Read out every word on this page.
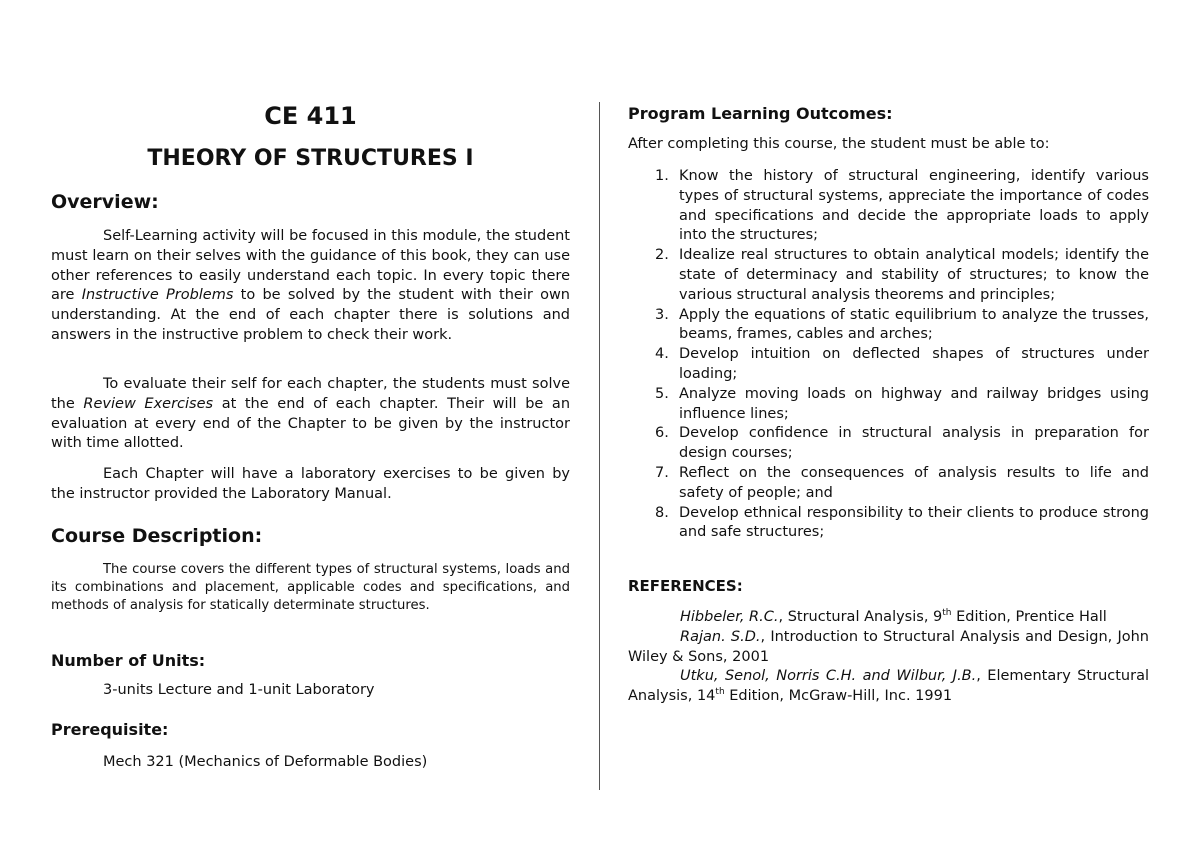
CE 411
THEORY OF STRUCTURES I
Overview:

Self-Learning activity will be focused in this module, the student must learn on their selves with the guidance of this book, they can use other references to easily understand each topic. In every topic there are Instructive Problems to be solved by the student with their own understanding. At the end of each chapter there is solutions and answers in the instructive problem to check their work.

To evaluate their self for each chapter, the students must solve the Review Exercises at the end of each chapter. Their will be an evaluation at every end of the Chapter to be given by the instructor with time allotted.

Each Chapter will have a laboratory exercises to be given by the instructor provided the Laboratory Manual.

Course Description:

The course covers the different types of structural systems, loads and its combinations and placement, applicable codes and specifications, and methods of analysis for statically determinate structures.

Number of Units:

3-units Lecture and 1-unit Laboratory

Prerequisite:

Mech 321 (Mechanics of Deformable Bodies)

Program Learning Outcomes:

After completing this course, the student must be able to:

1. Know the history of structural engineering, identify various types of structural systems, appreciate the importance of codes and specifications and decide the appropriate loads to apply into the structures;
2. Idealize real structures to obtain analytical models; identify the state of determinacy and stability of structures; to know the various structural analysis theorems and principles;
3. Apply the equations of static equilibrium to analyze the trusses, beams, frames, cables and arches;
4. Develop intuition on deflected shapes of structures under loading;
5. Analyze moving loads on highway and railway bridges using influence lines;
6. Develop confidence in structural analysis in preparation for design courses;
7. Reflect on the consequences of analysis results to life and safety of people; and
8. Develop ethnical responsibility to their clients to produce strong and safe structures;
REFERENCES:

Hibbeler, R.C., Structural Analysis, 9th Edition, Prentice Hall

Rajan. S.D., Introduction to Structural Analysis and Design, John Wiley & Sons, 2001

Utku, Senol, Norris C.H. and Wilbur, J.B., Elementary Structural Analysis, 14th Edition, McGraw-Hill, Inc. 1991
